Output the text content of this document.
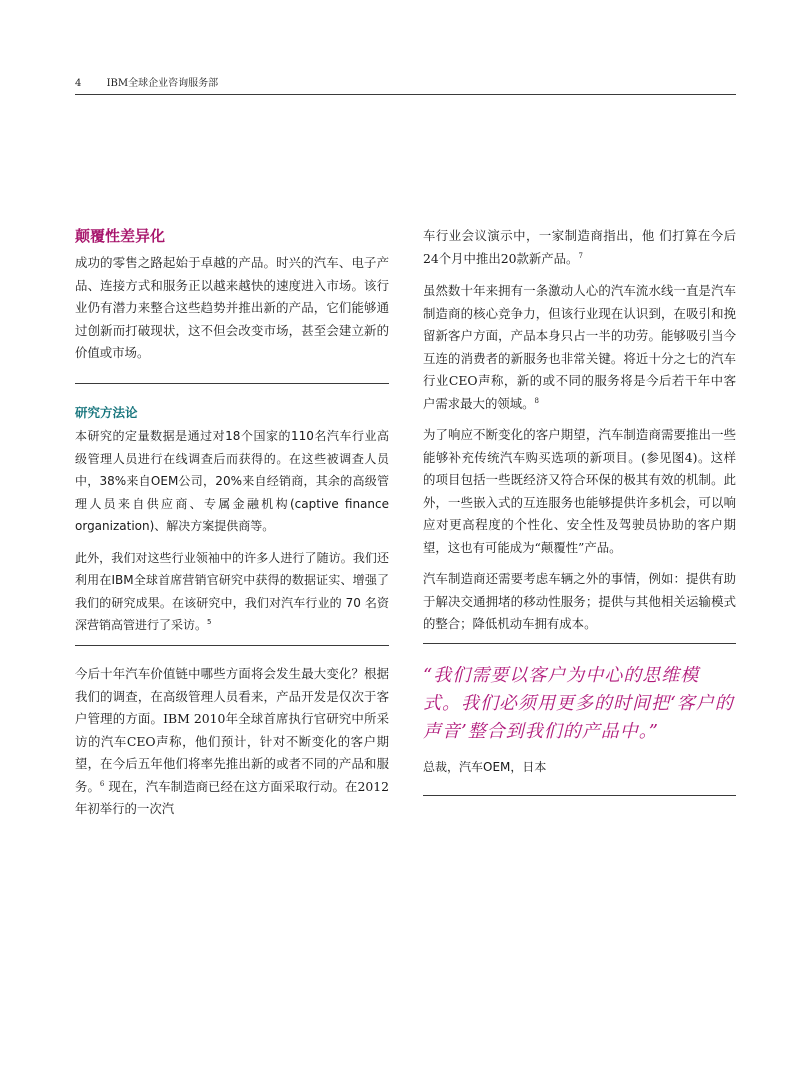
4	IBM全球企业咨询服务部
颠覆性差异化

成功的零售之路起始于卓越的产品。时兴的汽车、电子产品、连接方式和服务正以越来越快的速度进入市场。该行业仍有潜力来整合这些趋势并推出新的产品，它们能够通过创新而打破现状，这不但会改变市场，甚至会建立新的价值或市场。

研究方法论

本研究的定量数据是通过对18个国家的110名汽车行业高级管理人员进行在线调查后而获得的。在这些被调查人员中，38%来自OEM公司，20%来自经销商，其余的高级管理人员来自供应商、专属金融机构(captive finance organization)、解决方案提供商等。

此外，我们对这些行业领袖中的许多人进行了随访。我们还利用在IBM全球首席营销官研究中获得的数据证实、增强了我们的研究成果。在该研究中，我们对汽车行业的 70 名资深营销高管进行了采访。$^5$

今后十年汽车价值链中哪些方面将会发生最大变化？根据我们的调查，在高级管理人员看来，产品开发是仅次于客户管理的方面。IBM 2010年全球首席执行官研究中所采访的汽车CEO声称，他们预计，针对不断变化的客户期望，在今后五年他们将率先推出新的或者不同的产品和服务。$^6$ 现在，汽车制造商已经在这方面采取行动。在2012年初举行的一次汽

车行业会议演示中，一家制造商指出，他 们打算在今后24个月中推出20款新产品。$^7$

虽然数十年来拥有一条激动人心的汽车流水线一直是汽车制造商的核心竞争力，但该行业现在认识到，在吸引和挽留新客户方面，产品本身只占一半的功劳。能够吸引当今互连的消费者的新服务也非常关键。将近十分之七的汽车行业CEO声称，新的或不同的服务将是今后若干年中客户需求最大的领域。$^8$

为了响应不断变化的客户期望，汽车制造商需要推出一些能够补充传统汽车购买选项的新项目。(参见图4)。这样的项目包括一些既经济又符合环保的极其有效的机制。此外，一些嵌入式的互连服务也能够提供许多机会，可以响应对更高程度的个性化、安全性及驾驶员协助的客户期望，这也有可能成为“颠覆性”产品。

汽车制造商还需要考虑车辆之外的事情，例如：提供有助于解决交通拥堵的移动性服务；提供与其他相关运输模式的整合；降低机动车拥有成本。

“我们需要以客户为中心的思维模式。我们必须用更多的时间把‘客户的声音’整合到我们的产品中。”

总裁，汽车OEM，日本
